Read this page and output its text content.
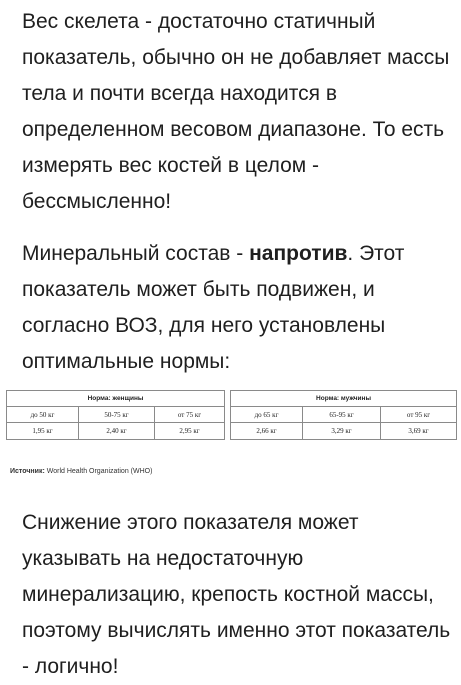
Вес скелета - достаточно статичный показатель, обычно он не добавляет массы тела и почти всегда находится в определенном весовом диапазоне. То есть измерять вес костей в целом - бессмысленно!

Минеральный состав - напротив. Этот показатель может быть подвижен, и согласно ВОЗ, для него установлены оптимальные нормы:

Норма: женщины				Норма: мужчины		
до 50 кг	50-75 кг	от 75 кг		до 65 кг	65-95 кг	от 95 кг
1,95 кг	2,40 кг	2,95 кг		2,66 кг	3,29 кг	3,69 кг
Источник: World Health Organization (WHO)

Снижение этого показателя может указывать на недостаточную минерализацию, крепость костной массы, поэтому вычислять именно этот показатель - логично!
